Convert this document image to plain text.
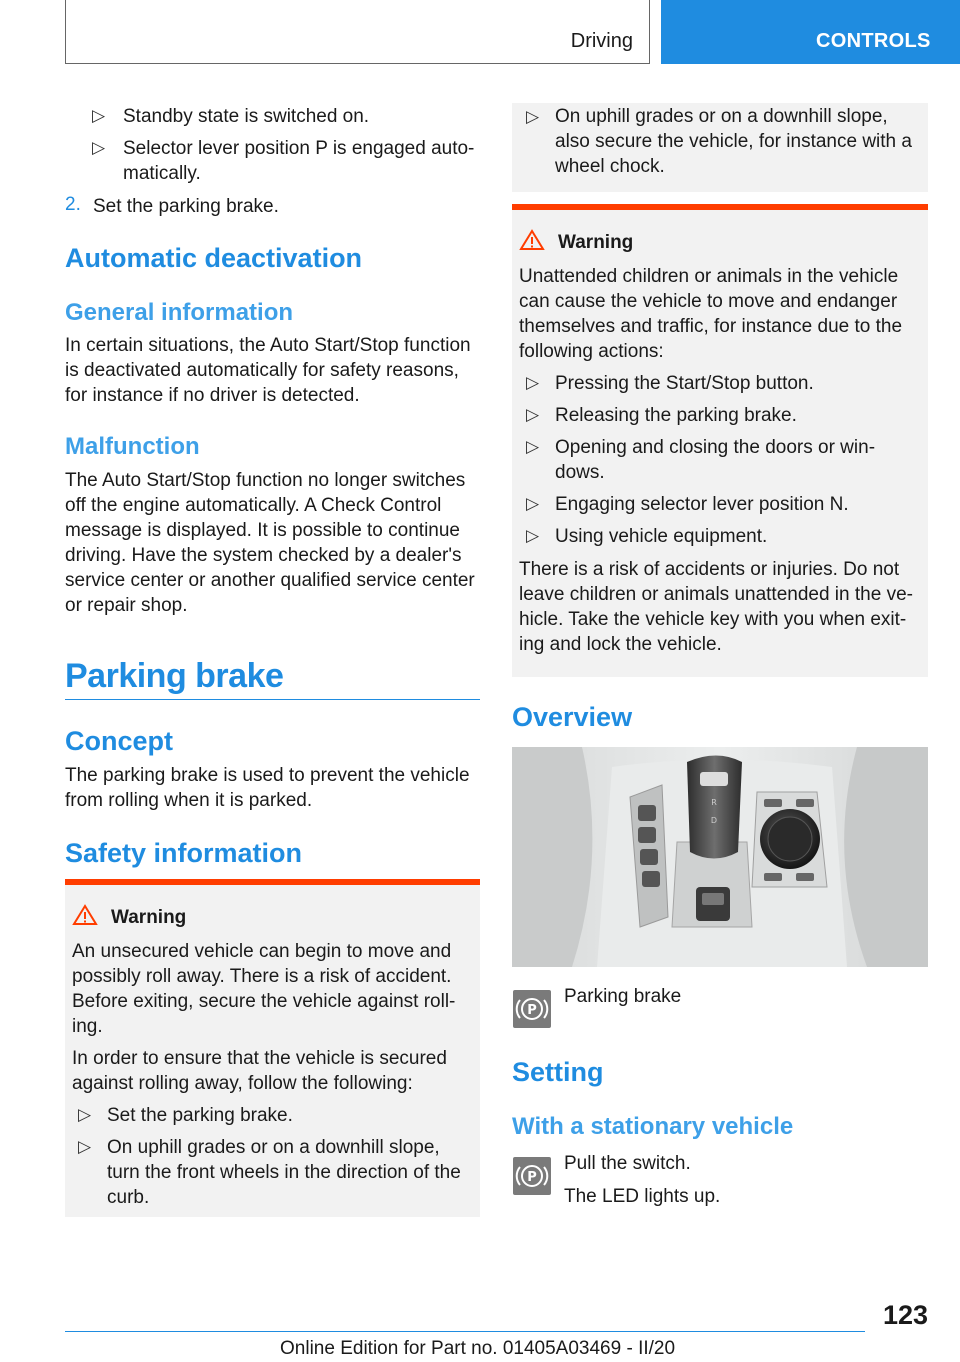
Driving	CONTROLS
▷ Standby state is switched on.
▷ Selector lever position P is engaged auto-
matically.
2. Set the parking brake.
Automatic deactivation
General information
In certain situations, the Auto Start/Stop function
is deactivated automatically for safety reasons,
for instance if no driver is detected.
Malfunction
The Auto Start/Stop function no longer switches
off the engine automatically. A Check Control
message is displayed. It is possible to continue
driving. Have the system checked by a dealer's
service center or another qualified service center
or repair shop.
Parking brake
Concept
The parking brake is used to prevent the vehicle
from rolling when it is parked.
Safety information
Warning
An unsecured vehicle can begin to move and
possibly roll away. There is a risk of accident.
Before exiting, secure the vehicle against roll-
ing.
In order to ensure that the vehicle is secured
against rolling away, follow the following:
▷ Set the parking brake.
▷ On uphill grades or on a downhill slope,
turn the front wheels in the direction of the
curb.
▷ On uphill grades or on a downhill slope,
also secure the vehicle, for instance with a
wheel chock.
Warning
Unattended children or animals in the vehicle
can cause the vehicle to move and endanger
themselves and traffic, for instance due to the
following actions:
▷ Pressing the Start/Stop button.
▷ Releasing the parking brake.
▷ Opening and closing the doors or win-
dows.
▷ Engaging selector lever position N.
▷ Using vehicle equipment.
There is a risk of accidents or injuries. Do not
leave children or animals unattended in the ve-
hicle. Take the vehicle key with you when exit-
ing and lock the vehicle.
Overview
R
D
P
Parking brake
Setting
With a stationary vehicle
P
Pull the switch.
The LED lights up.
123
Online Edition for Part no. 01405A03469 - II/20
